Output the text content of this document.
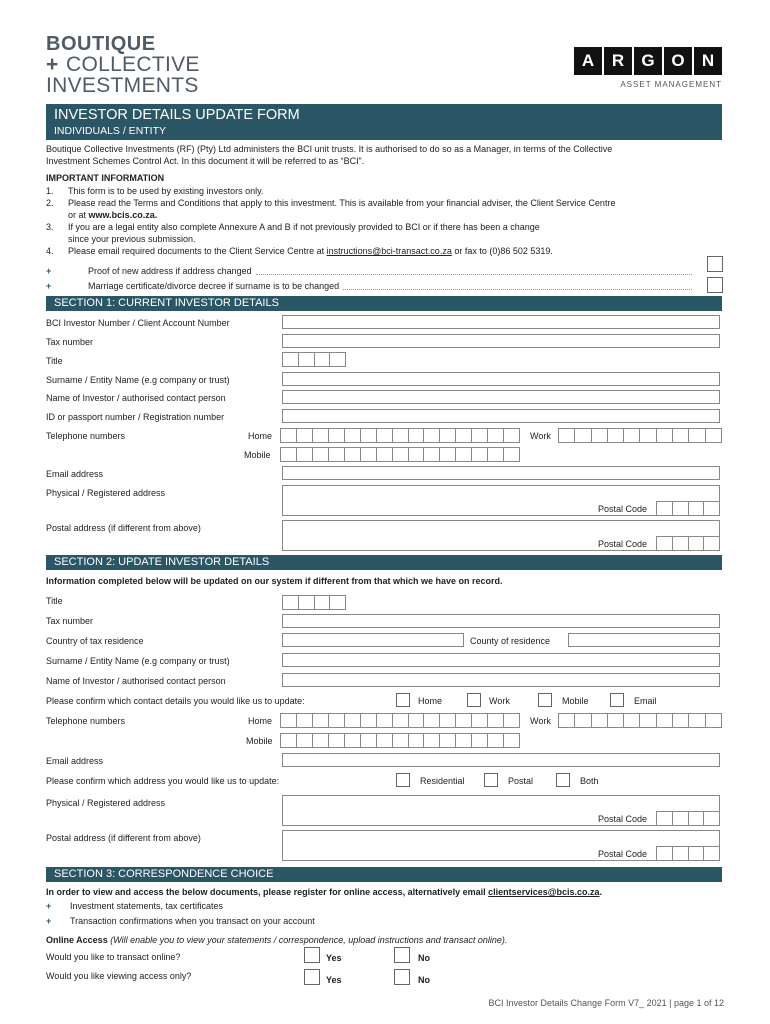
BOUTIQUE
+ COLLECTIVE
INVESTMENTS
A	R	G O	N
ASSET MANAGEMENT
INVESTOR DETAILS UPDATE FORM
INDIVIDUALS / ENTITY
Boutique Collective Investments (RF) (Pty) Ltd administers the BCI unit trusts. It is authorised to do so as a Manager, in terms of the Collective
Investment Schemes Control Act. In this document it will be referred to as “BCI”.
IMPORTANT INFORMATION
1.	This form is to be used by existing investors only.
2.	Please read the Terms and Conditions that apply to this investment. This is available from your financial adviser, the Client Service Centre
or at www.bcis.co.za.
3.	If you are a legal entity also complete Annexure A and B if not previously provided to BCI or if there has been a change
since your previous submission.
4.	Please email required documents to the Client Service Centre at instructions@bci-transact.co.za or fax to (0)86 502 5319.
+	Proof of new address if address changed
+	Marriage certificate/divorce decree if surname is to be changed
SECTION 1: CURRENT INVESTOR DETAILS
BCI Investor Number / Client Account Number
Tax number
Title
Surname / Entity Name (e.g company or trust)
Name of Investor / authorised contact person
ID or passport number / Registration number
Telephone numbers	Home	Work
Mobile
Email address
Physical / Registered address
Postal Code
Postal address (if different from above)
Postal Code
SECTION 2: UPDATE INVESTOR DETAILS
Information completed below will be updated on our system if different from that which we have on record.
Title
Tax number
Country of tax residence	County of residence
Surname / Entity Name (e.g company or trust)
Name of Investor / authorised contact person
Please confirm which contact details you would like us to update:	Home	Work	Mobile	Email
Telephone numbers	Home	Work
Mobile
Email address
Please confirm which address you would like us to update:	Residential	Postal	Both
Physical / Registered address
Postal Code
Postal address (if different from above)
Postal Code
SECTION 3: CORRESPONDENCE CHOICE
In order to view and access the below documents, please register for online access, alternatively email clientservices@bcis.co.za.
+	Investment statements, tax certificates
+	Transaction confirmations when you transact on your account
Online Access (Will enable you to view your statements / correspondence, upload instructions and transact online).
Would you like to transact online?	Yes	No
Would you like viewing access only?	Yes	No
BCI Investor Details Change Form V7_ 2021 | page 1 of 12
